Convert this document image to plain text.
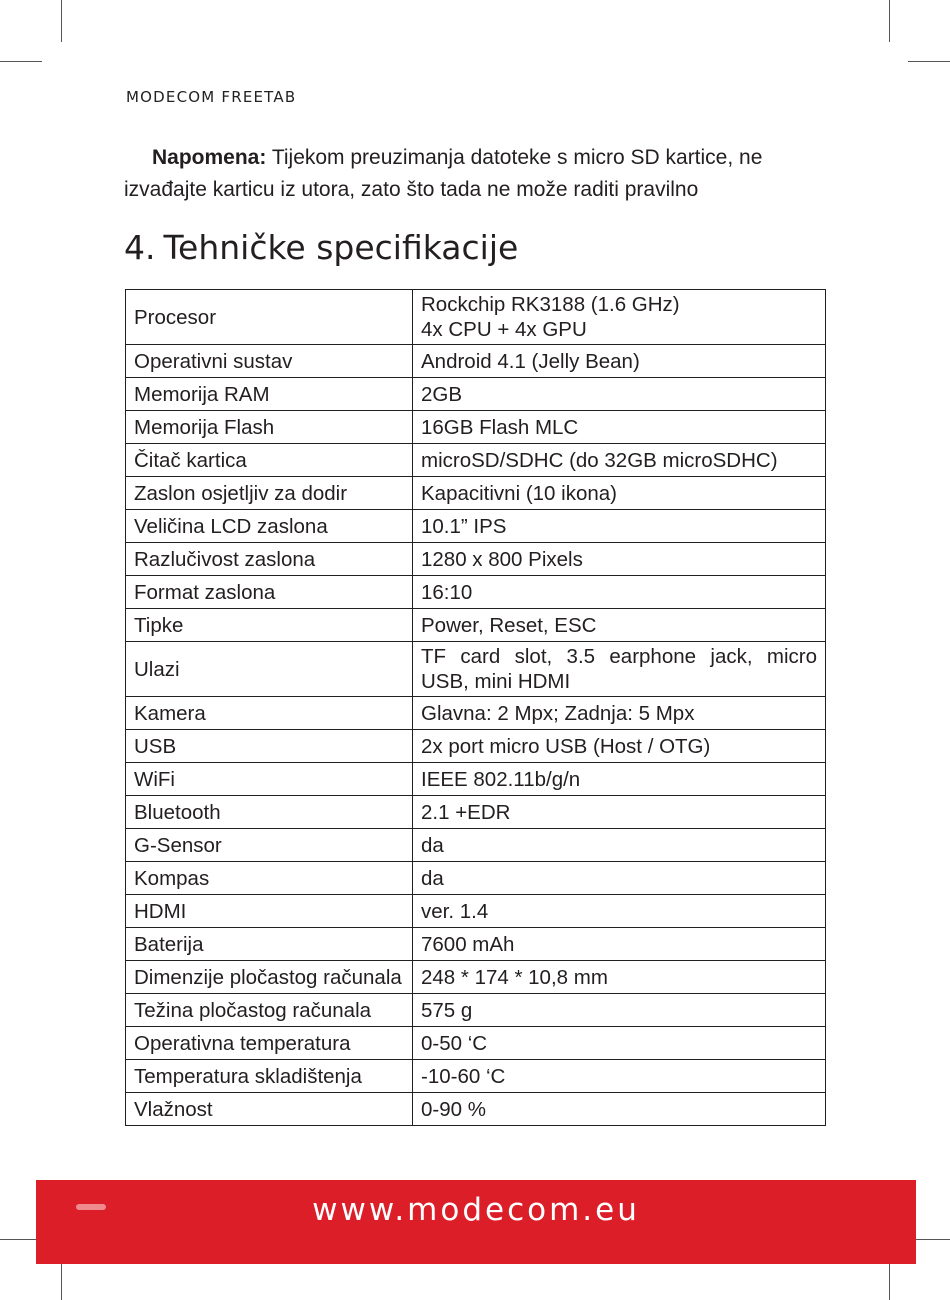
MODECOM FREETAB
Napomena: Tijekom preuzimanja datoteke s micro SD kartice, ne izvađajte karticu iz utora, zato što tada ne može raditi pravilno
4. Tehničke specifikacije
Procesor	Rockchip RK3188 (1.6 GHz)
4x CPU + 4x GPU
Operativni sustav	Android 4.1 (Jelly Bean)
Memorija RAM	2GB
Memorija Flash	16GB Flash MLC
Čitač kartica	microSD/SDHC (do 32GB microSDHC)
Zaslon osjetljiv za dodir	Kapacitivni (10 ikona)
Veličina LCD zaslona	10.1” IPS
Razlučivost zaslona	1280 x 800 Pixels
Format zaslona	16:10
Tipke	Power, Reset, ESC
Ulazi	TF card slot, 3.5 earphone jack, micro USB, mini HDMI
Kamera	Glavna: 2 Mpx; Zadnja: 5 Mpx
USB	2x port micro USB (Host / OTG)
WiFi	IEEE 802.11b/g/n
Bluetooth	2.1 +EDR
G-Sensor	da
Kompas	da
HDMI	ver. 1.4
Baterija	7600 mAh
Dimenzije pločastog računala	248 * 174 * 10,8 mm
Težina pločastog računala	575 g
Operativna temperatura	0-50 ‘C
Temperatura skladištenja	-10-60 ‘C
Vlažnost	0-90 %
www.modecom.eu
